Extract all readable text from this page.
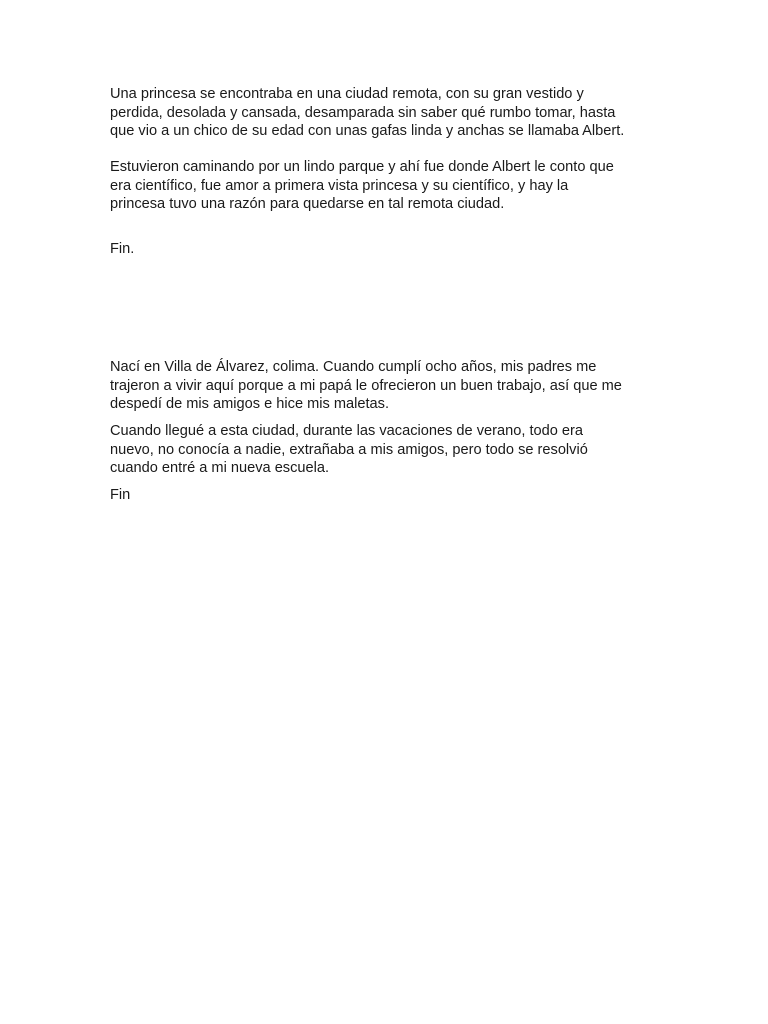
Una princesa se encontraba en una ciudad remota, con su gran vestido y
perdida, desolada y cansada, desamparada sin saber qué rumbo tomar, hasta
que vio a un chico de su edad con unas gafas linda y anchas se llamaba Albert.

Estuvieron caminando por un lindo parque y ahí fue donde Albert le conto que
era científico, fue amor a primera vista princesa y su científico, y hay la
princesa tuvo una razón para quedarse en tal remota ciudad.

Fin.

Nací en Villa de Álvarez, colima. Cuando cumplí ocho años, mis padres me
trajeron a vivir aquí porque a mi papá le ofrecieron un buen trabajo, así que me
despedí de mis amigos e hice mis maletas.

Cuando llegué a esta ciudad, durante las vacaciones de verano, todo era
nuevo, no conocía a nadie, extrañaba a mis amigos, pero todo se resolvió
cuando entré a mi nueva escuela.

Fin
